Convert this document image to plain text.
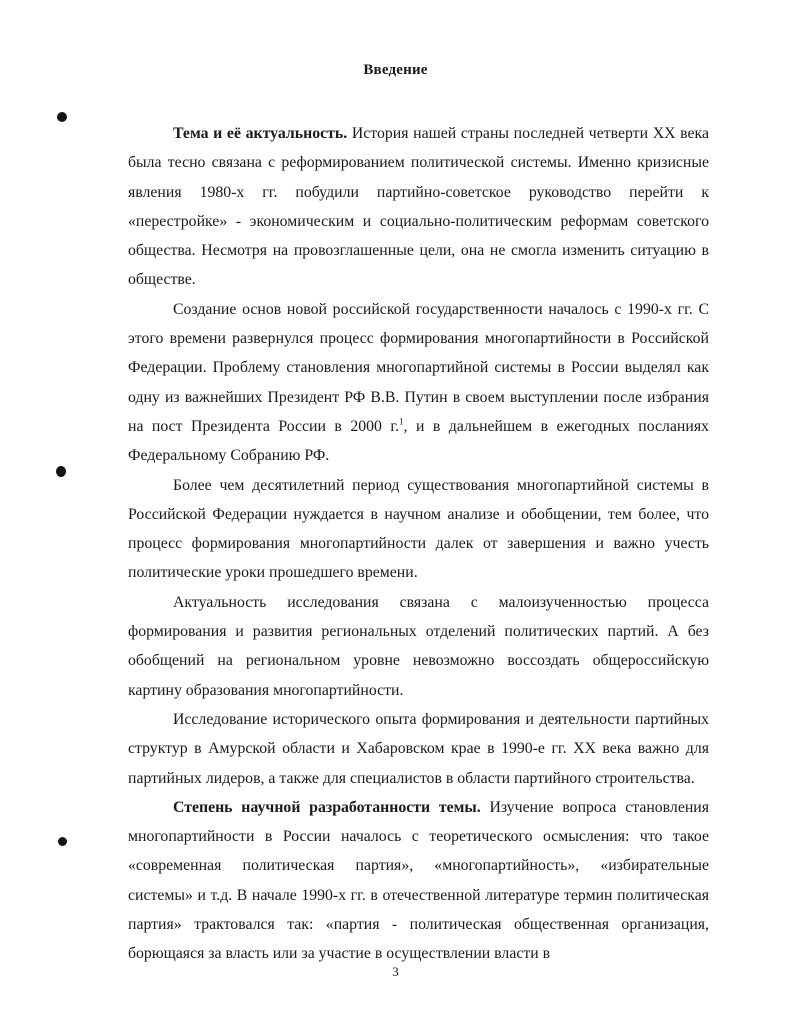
Введение

Тема и её актуальность. История нашей страны последней четверти XX века была тесно связана с реформированием политической системы. Именно кризисные явления 1980-х гг. побудили партийно-советское руководство перейти к «перестройке» - экономическим и социально-политическим реформам советского общества. Несмотря на провозглашенные цели, она не смогла изменить ситуацию в обществе.

Создание основ новой российской государственности началось с 1990-х гг. С этого времени развернулся процесс формирования многопартийности в Российской Федерации. Проблему становления многопартийной системы в России выделял как одну из важнейших Президент РФ В.В. Путин в своем выступлении после избрания на пост Президента России в 2000 г.$^1$, и в дальнейшем в ежегодных посланиях Федеральному Собранию РФ.

Более чем десятилетний период существования многопартийной системы в Российской Федерации нуждается в научном анализе и обобщении, тем более, что процесс формирования многопартийности далек от завершения и важно учесть политические уроки прошедшего времени.

Актуальность исследования связана с малоизученностью процесса формирования и развития региональных отделений политических партий. А без обобщений на региональном уровне невозможно воссоздать общероссийскую картину образования многопартийности.

Исследование исторического опыта формирования и деятельности партийных структур в Амурской области и Хабаровском крае в 1990-е гг. XX века важно для партийных лидеров, а также для специалистов в области партийного строительства.

Степень научной разработанности темы. Изучение вопроса становления многопартийности в России началось с теоретического осмысления: что такое «современная политическая партия», «многопартийность», «избирательные системы» и т.д. В начале 1990-х гг. в отечественной литературе термин политическая партия» трактовался так: «партия - политическая общественная организация, борющаяся за власть или за участие в осуществлении власти в

3
